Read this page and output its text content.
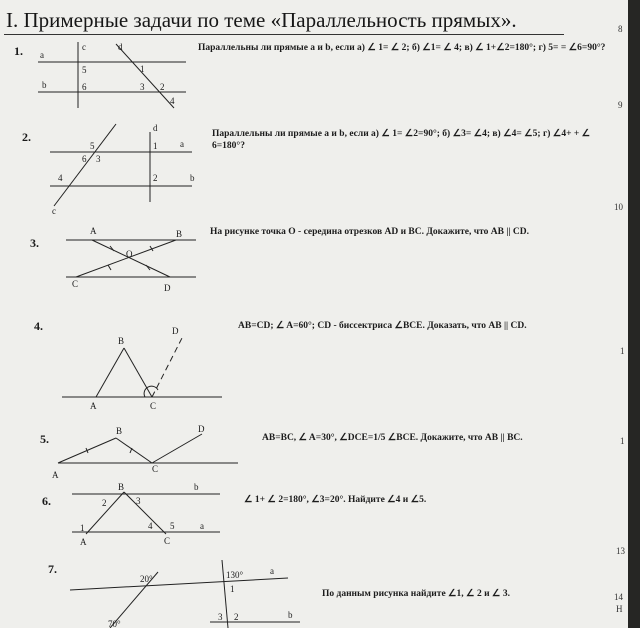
I. Примерные задачи по теме «Параллельность прямых».
1.
2.
3.
4.
5.
6.
7.
Параллельны ли прямые a и b, если а) ∠ 1= ∠ 2; б) ∠1= ∠ 4; в) ∠ 1+∠2=180°; г) 5= = ∠6=90°?
Параллельны ли прямые a и b, если а) ∠ 1= ∠2=90°; б) ∠3= ∠4; в) ∠4= ∠5; г) ∠4+ + ∠ 6=180°?
На рисунке точка O - середина отрезков AD и BC. Докажите, что AB || CD.
AB=CD; ∠ A=60°; CD - биссектриса ∠BCE. Доказать, что AB || CD.
AB=BC, ∠ A=30°, ∠DCE=1/5 ∠BCE. Докажите, что AB || BC.
∠ 1+ ∠ 2=180°, ∠3=20°. Найдите ∠4 и ∠5.
По данным рисунка найдите ∠1, ∠ 2 и ∠ 3.
a
c	d
5	1
b	6	3 2
4
d
5	1	a
6 3
4	2	b
c
A	B
O
C	D
D
B
A	C
B	D
A
C
B	b
2	3
1	4 5	a
A	C
20°	130°	a
1
3 2	b
70°
8
9
10
1
1
13
14
Н
